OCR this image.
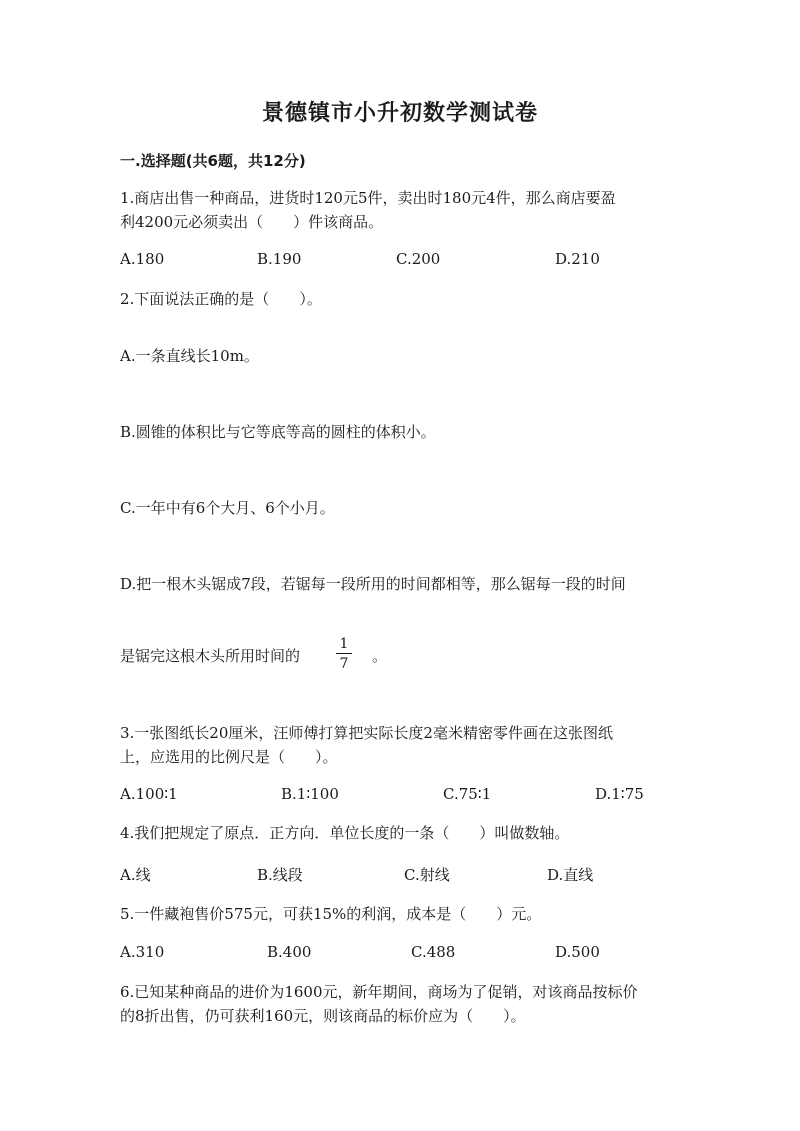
景德镇市小升初数学测试卷
一.选择题(共6题，共12分)
1.商店出售一种商品，进货时120元5件，卖出时180元4件，那么商店要盈
利4200元必须卖出（　　）件该商品。
A.180	B.190	C.200	D.210
2.下面说法正确的是（　　）。
A.一条直线长10m。
B.圆锥的体积比与它等底等高的圆柱的体积小。
C.一年中有6个大月、6个小月。
D.把一根木头锯成7段，若锯每一段所用的时间都相等，那么锯每一段的时间
是锯完这根木头所用时间的	$\frac{1}{7}$ 。
3.一张图纸长20厘米，汪师傅打算把实际长度2毫米精密零件画在这张图纸
上，应选用的比例尺是（　　）。
A.100∶1	B.1∶100	C.75∶1	D.1∶75
4.我们把规定了原点．正方向．单位长度的一条（　　）叫做数轴。
A.线	B.线段	C.射线	D.直线
5.一件藏袍售价575元，可获15%的利润，成本是（　　）元。
A.310	B.400	C.488	D.500
6.已知某种商品的进价为1600元，新年期间，商场为了促销，对该商品按标价
的8折出售，仍可获利160元，则该商品的标价应为（　　）。
